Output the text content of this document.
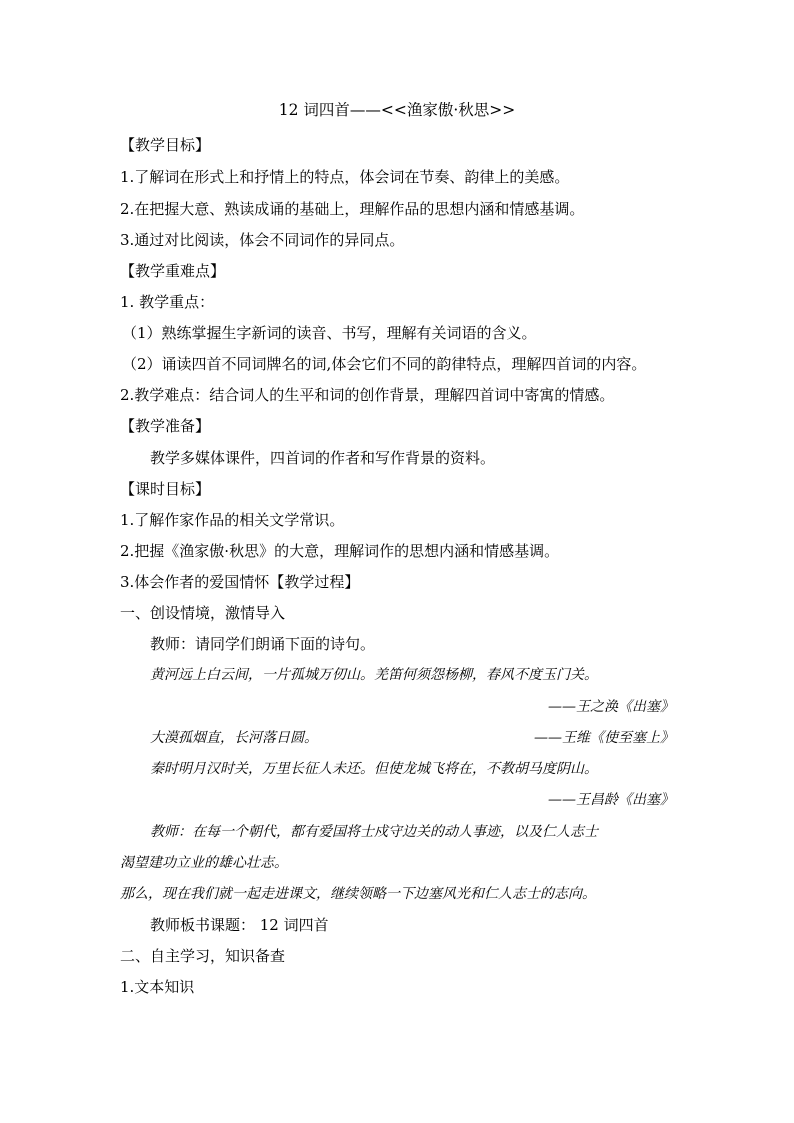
12 词四首——<<渔家傲·秋思>>
【教学目标】
1.了解词在形式上和抒情上的特点，体会词在节奏、韵律上的美感。
2.在把握大意、熟读成诵的基础上，理解作品的思想内涵和情感基调。
3.通过对比阅读，体会不同词作的异同点。
【教学重难点】
1. 教学重点：
（1）熟练掌握生字新词的读音、书写，理解有关词语的含义。
（2）诵读四首不同词牌名的词,体会它们不同的韵律特点，理解四首词的内容。
2.教学难点：结合词人的生平和词的创作背景，理解四首词中寄寓的情感。
【教学准备】
教学多媒体课件，四首词的作者和写作背景的资料。
【课时目标】
1.了解作家作品的相关文学常识。
2.把握《渔家傲·秋思》的大意，理解词作的思想内涵和情感基调。
3.体会作者的爱国情怀【教学过程】
一、创设情境，激情导入
教师：请同学们朗诵下面的诗句。
黄河远上白云间，一片孤城万仞山。羌笛何须怨杨柳，春风不度玉门关。
——王之涣《出塞》
大漠孤烟直，长河落日圆。	——王维《使至塞上》
秦时明月汉时关，万里长征人未还。但使龙城飞将在，不教胡马度阴山。
——王昌龄《出塞》
教师：在每一个朝代，都有爱国将士戍守边关的动人事迹，以及仁人志士
渴望建功立业的雄心壮志。
那么，现在我们就一起走进课文，继续领略一下边塞风光和仁人志士的志向。
教师板书课题： 12 词四首
二、自主学习，知识备查
1.文本知识
